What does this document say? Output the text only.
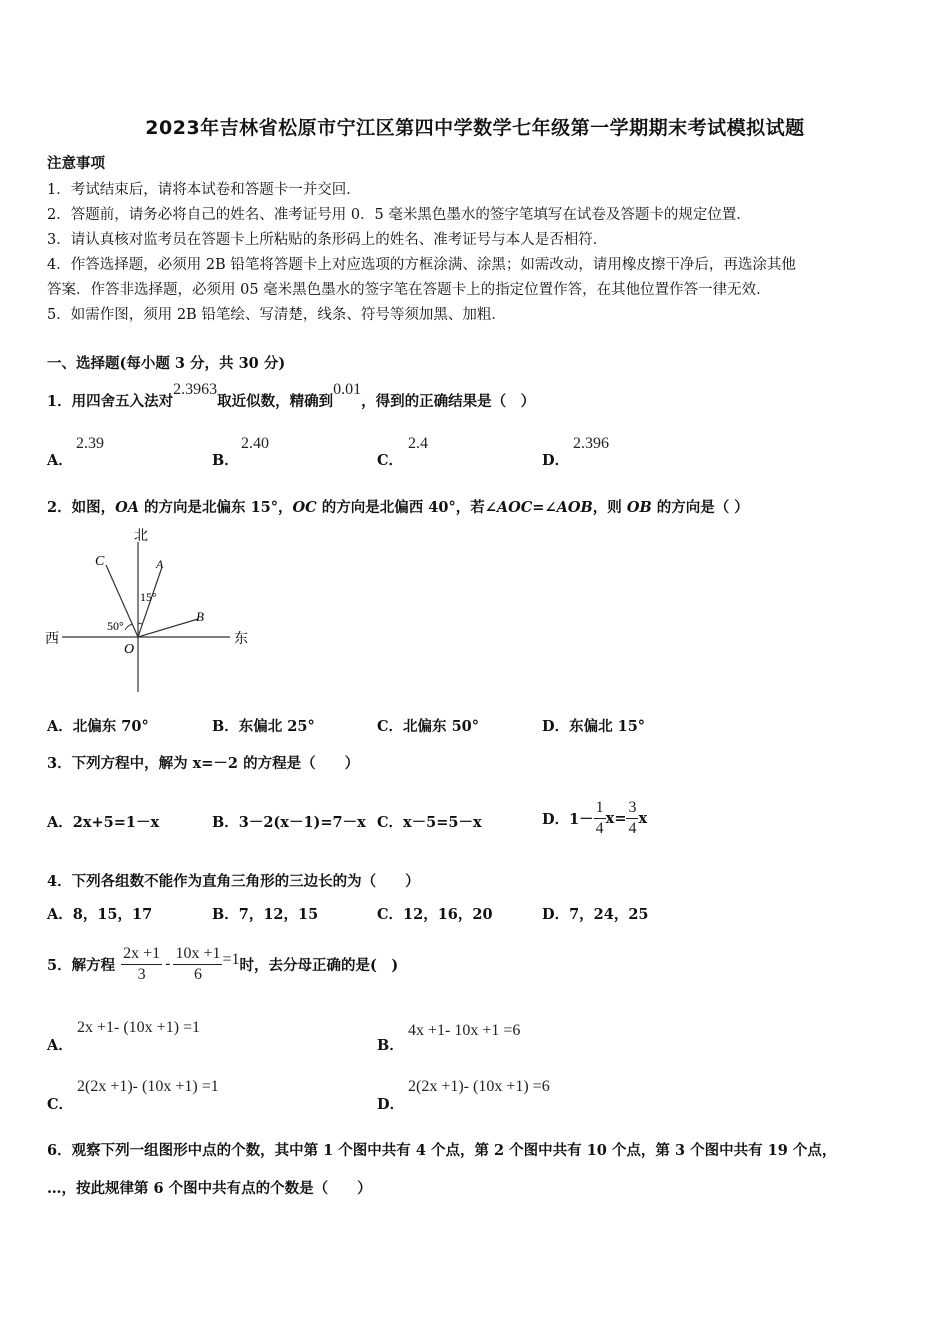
2023年吉林省松原市宁江区第四中学数学七年级第一学期期末考试模拟试题
注意事项
1．考试结束后，请将本试卷和答题卡一并交回．
2．答题前，请务必将自己的姓名、准考证号用 0．5 毫米黑色墨水的签字笔填写在试卷及答题卡的规定位置．
3．请认真核对监考员在答题卡上所粘贴的条形码上的姓名、准考证号与本人是否相符．
4．作答选择题，必须用 2B 铅笔将答题卡上对应选项的方框涂满、涂黑；如需改动，请用橡皮擦干净后，再选涂其他
答案．作答非选择题，必须用 05 毫米黑色墨水的签字笔在答题卡上的指定位置作答，在其他位置作答一律无效．
5．如需作图，须用 2B 铅笔绘、写清楚，线条、符号等须加黑、加粗．
一、选择题(每小题 3 分，共 30 分)
1．用四舍五入法对2.3963取近似数，精确到0.01，得到的正确结果是（　）
A．
2.39
B．
2.40
C．
2.4
D．
2.396
2．如图，OA 的方向是北偏东 15°，OC 的方向是北偏西 40°，若∠AOC=∠AOB，则 OB 的方向是（ ）
北
西	东
C	A
B
O
15°
50°
A．北偏东 70°	B．东偏北 25°	C．北偏东 50°	D．东偏北 15°
3．下列方程中，解为 x=－2 的方程是（　　）
A．2x+5=1－x	B．3－2(x－1)=7－x C．x－5=5－x	D．$1- \frac{1}{4} x= \frac{3}{4}$ x
4．下列各组数不能作为直角三角形的三边长的为（　　）
A．8，15，17	B．7，12，15	C．12，16，20	D．7，24，25
5．解方程 $\frac{2x +1}{3} - \frac{10x +1}{6} =1$ 时，去分母正确的是(　)
A．
2x +1- (10x +1) =1
B．
4x +1- 10x +1 =6
C．
2(2x +1)- (10x +1) =1
D．
2(2x +1)- (10x +1) =6
6．观察下列一组图形中点的个数，其中第 1 个图中共有 4 个点，第 2 个图中共有 10 个点，第 3 个图中共有 19 个点，
…，按此规律第 6 个图中共有点的个数是（　　）
